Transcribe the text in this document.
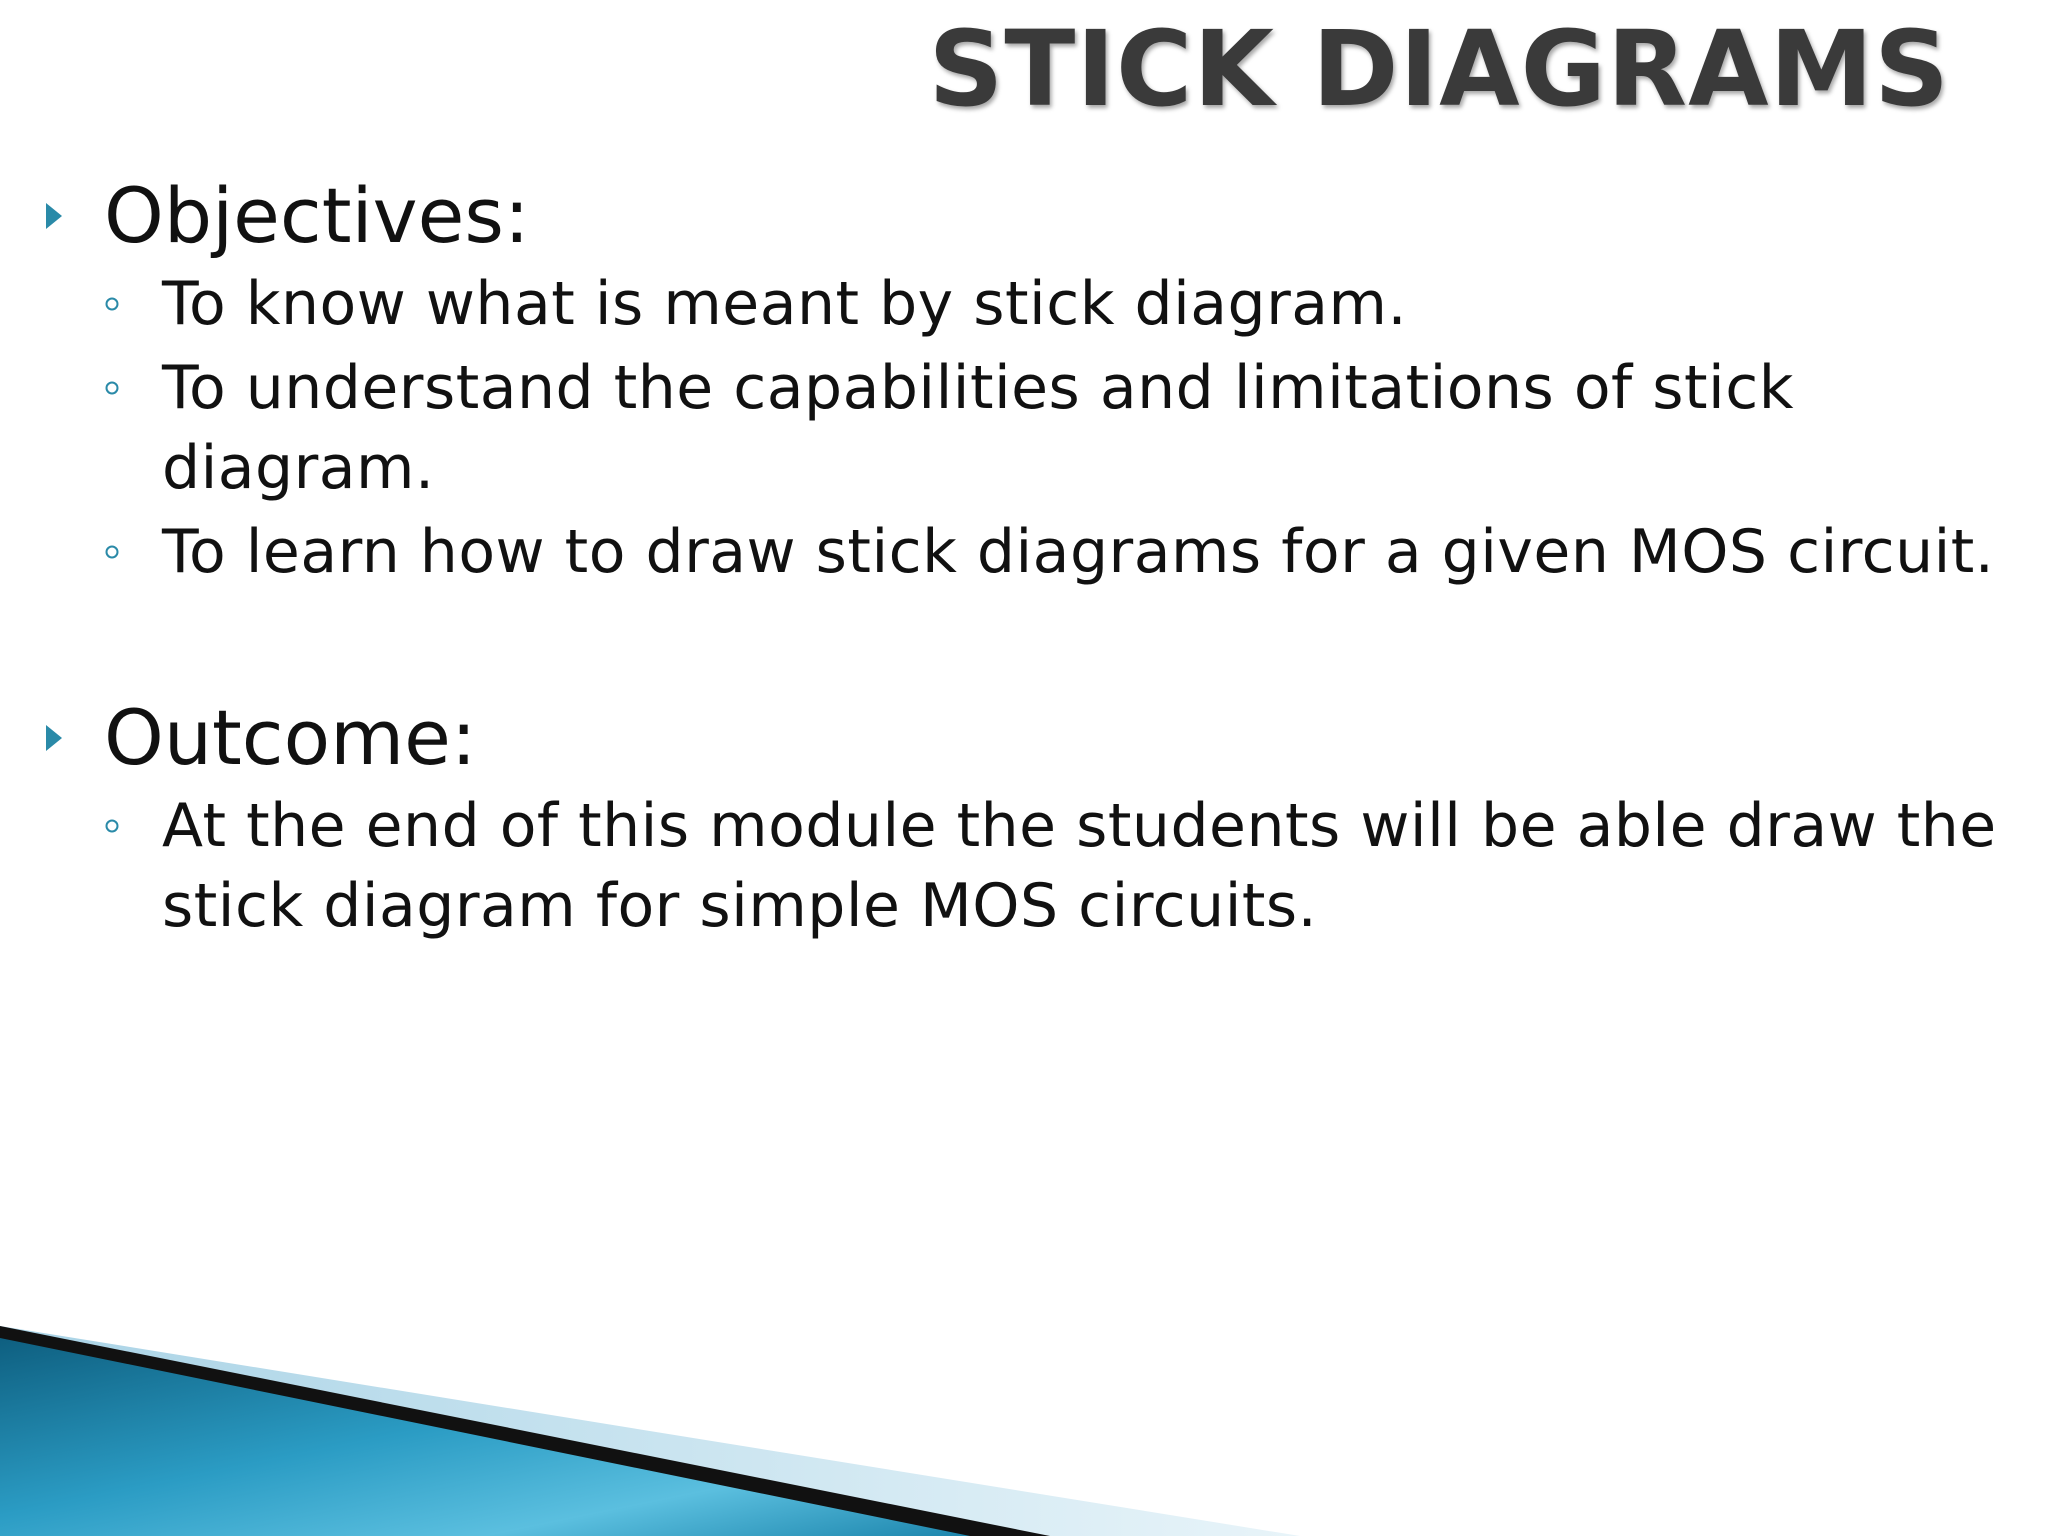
STICK DIAGRAMS
Objectives:
To know what is meant by stick diagram.
To understand the capabilities and limitations of stick diagram.
To learn how to draw stick diagrams for a given MOS circuit.
Outcome:
At the end of this module the students will be able draw the stick diagram for simple MOS circuits.
